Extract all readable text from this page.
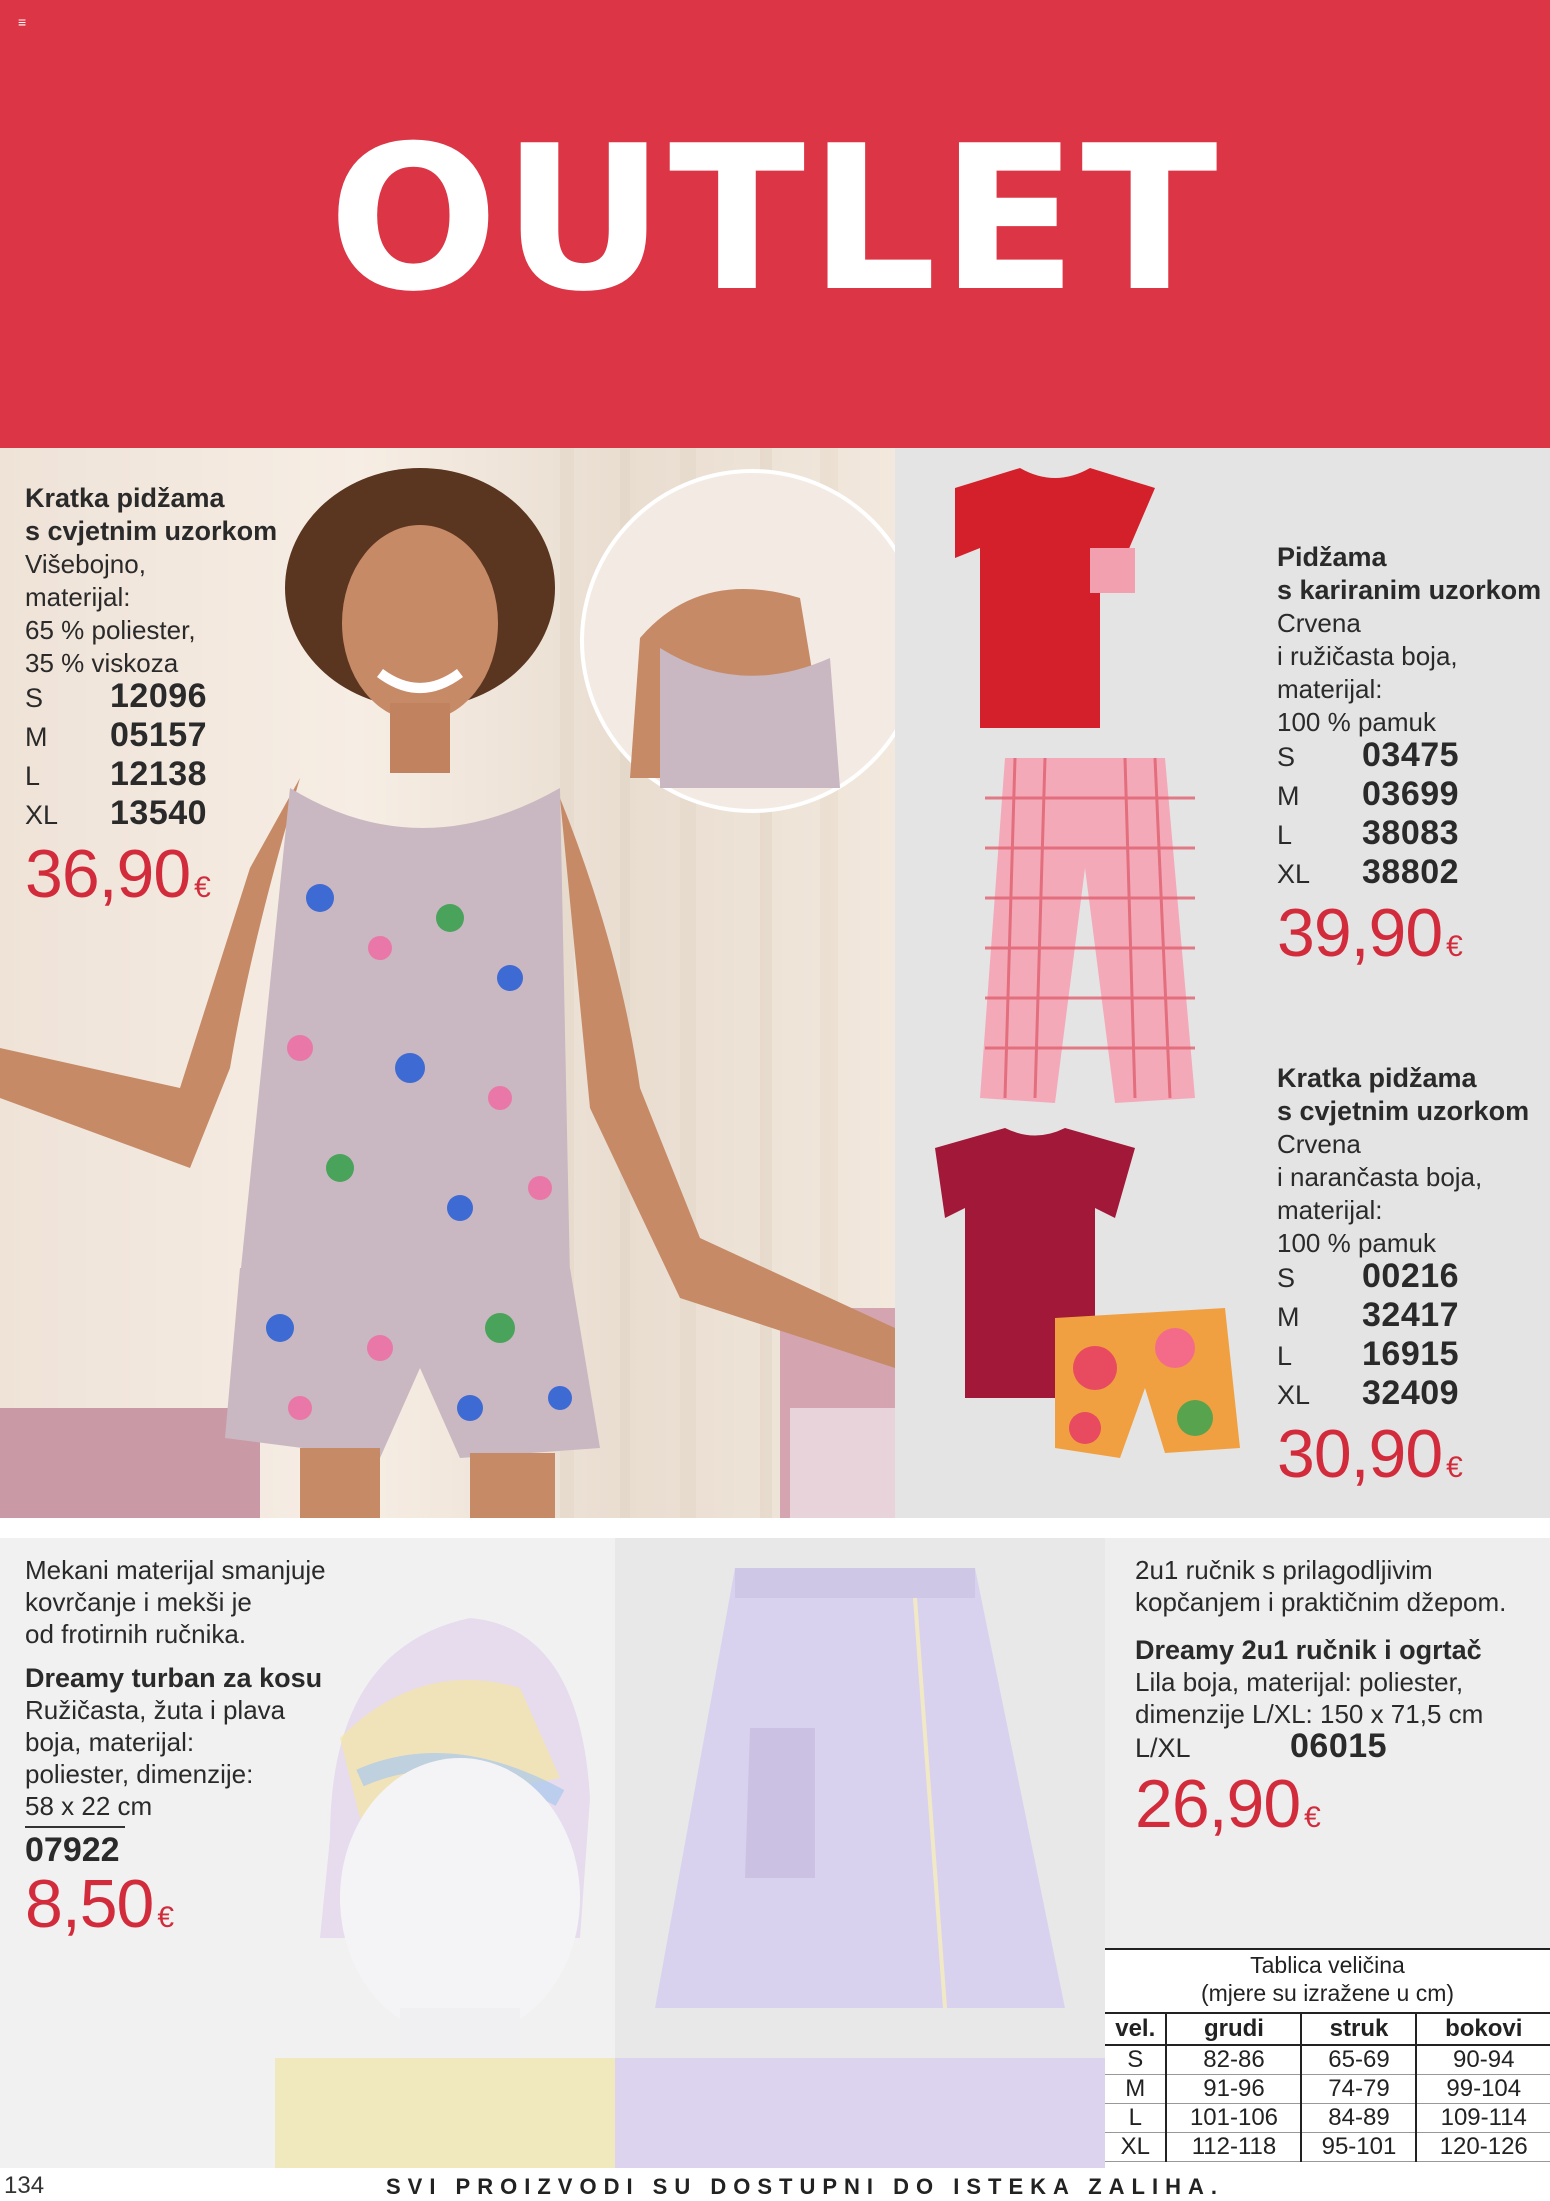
≡
OUTLET
Kratka pidžama
s cvjetnim uzorkom
Višebojno,
materijal:
65 % poliester,
35 % viskoza
S	12096
M	05157
L	12138
XL	13540
36,90 €
Pidžama
s kariranim uzorkom
Crvena
i ružičasta boja,
materijal:
100 % pamuk
S	03475
M	03699
L	38083
XL	38802
39,90 €
Kratka pidžama
s cvjetnim uzorkom
Crvena
i narančasta boja,
materijal:
100 % pamuk
S	00216
M	32417
L	16915
XL	32409
30,90 €
Mekani materijal smanjuje
kovrčanje i mekši je
od frotirnih ručnika.
Dreamy turban za kosu
Ružičasta, žuta i plava
boja, materijal:
poliester, dimenzije:
58 x 22 cm
07922
8,50 €
2u1 ručnik s prilagodljivim
kopčanjem i praktičnim džepom.
Dreamy 2u1 ručnik i ogrtač
Lila boja, materijal: poliester,
dimenzije L/XL: 150 x 71,5 cm
L/XL	06015
26,90 €
Tablica veličina
(mjere su izražene u cm)
vel.	grudi	struk	bokovi
S	82-86	65-69	90-94
M	91-96	74-79	99-104
L	101-106	84-89	109-114
XL	112-118	95-101	120-126
134	SVI PROIZVODI SU DOSTUPNI DO ISTEKA ZALIHA.
